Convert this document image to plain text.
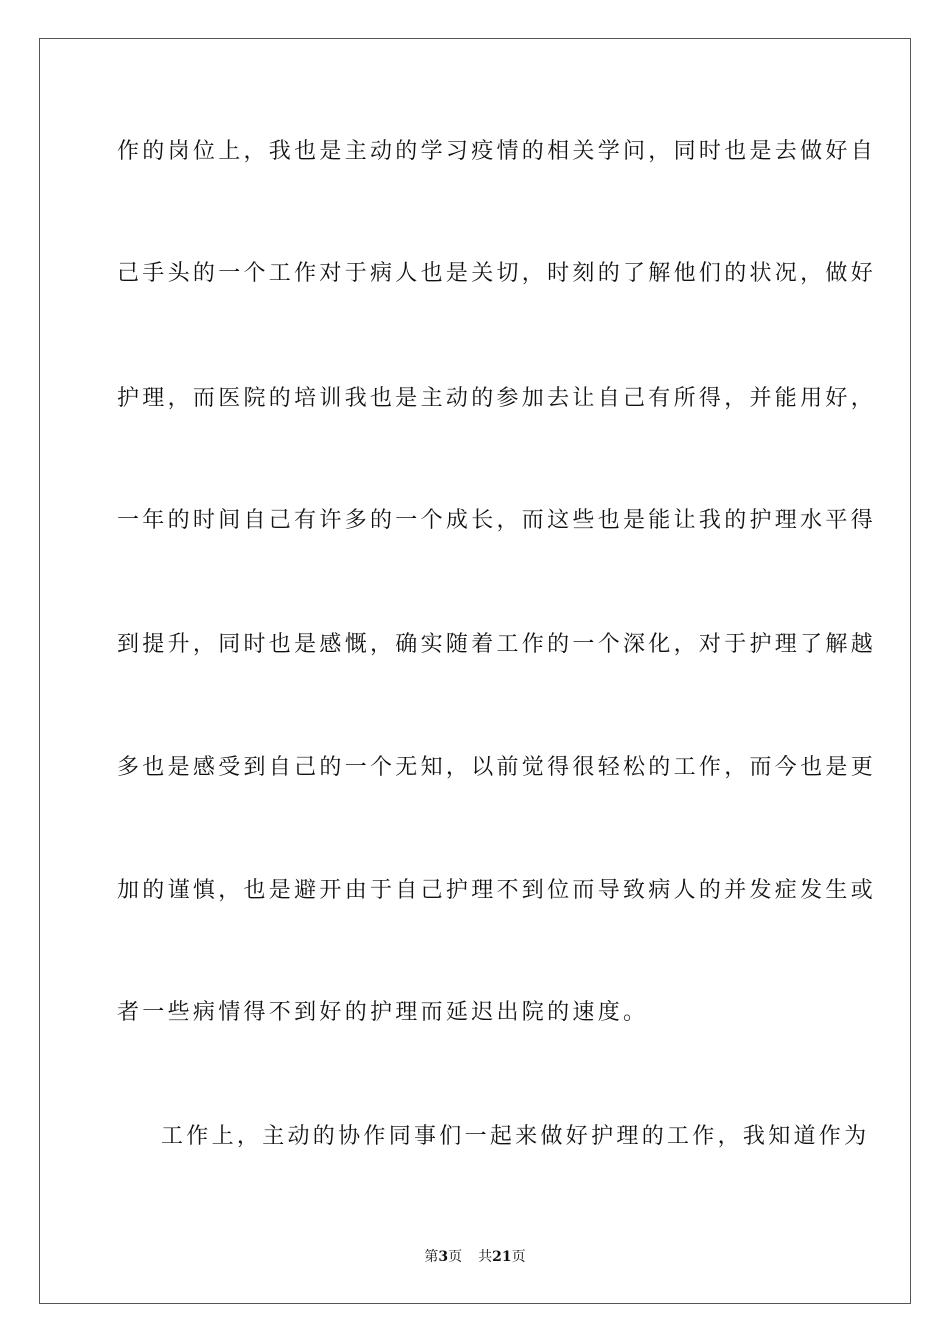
作的岗位上，我也是主动的学习疫情的相关学问，同时也是去做好自
己手头的一个工作对于病人也是关切，时刻的了解他们的状况，做好
护理，而医院的培训我也是主动的参加去让自己有所得，并能用好，
一年的时间自己有许多的一个成长，而这些也是能让我的护理水平得
到提升，同时也是感慨，确实随着工作的一个深化，对于护理了解越
多也是感受到自己的一个无知，以前觉得很轻松的工作，而今也是更
加的谨慎，也是避开由于自己护理不到位而导致病人的并发症发生或
者一些病情得不到好的护理而延迟出院的速度。
工作上，主动的协作同事们一起来做好护理的工作，我知道作为
第3页 共21页
